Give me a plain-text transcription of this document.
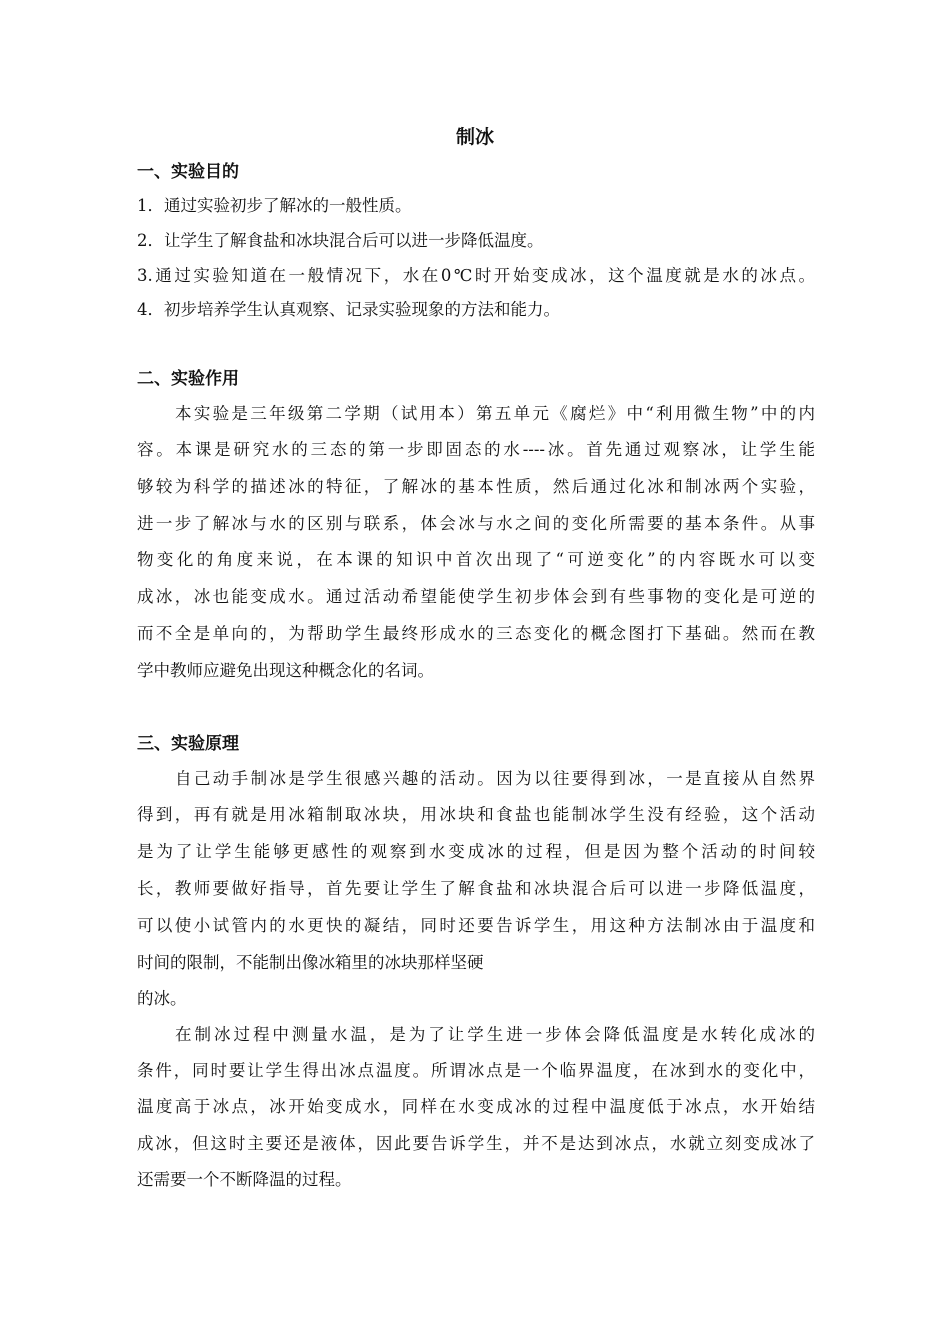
制冰
一、实验目的
1．通过实验初步了解冰的一般性质。
2．让学生了解食盐和冰块混合后可以进一步降低温度。
3.通过实验知道在一般情况下，水在0℃时开始变成冰，这个温度就是水的冰点。
4．初步培养学生认真观察、记录实验现象的方法和能力。
二、实验作用
本实验是三年级第二学期（试用本）第五单元《腐烂》中“利用微生物”中的内
容。本课是研究水的三态的第一步即固态的水----冰。首先通过观察冰，让学生能
够较为科学的描述冰的特征，了解冰的基本性质，然后通过化冰和制冰两个实验，
进一步了解冰与水的区别与联系，体会冰与水之间的变化所需要的基本条件。从事
物变化的角度来说，在本课的知识中首次出现了“可逆变化”的内容既水可以变
成冰，冰也能变成水。通过活动希望能使学生初步体会到有些事物的变化是可逆的
而不全是单向的，为帮助学生最终形成水的三态变化的概念图打下基础。然而在教
学中教师应避免出现这种概念化的名词。
三、实验原理
自己动手制冰是学生很感兴趣的活动。因为以往要得到冰，一是直接从自然界
得到，再有就是用冰箱制取冰块，用冰块和食盐也能制冰学生没有经验，这个活动
是为了让学生能够更感性的观察到水变成冰的过程，但是因为整个活动的时间较
长，教师要做好指导，首先要让学生了解食盐和冰块混合后可以进一步降低温度，
可以使小试管内的水更快的凝结，同时还要告诉学生，用这种方法制冰由于温度和
时间的限制，不能制出像冰箱里的冰块那样坚硬
的冰。
在制冰过程中测量水温，是为了让学生进一步体会降低温度是水转化成冰的
条件，同时要让学生得出冰点温度。所谓冰点是一个临界温度，在冰到水的变化中，
温度高于冰点，冰开始变成水，同样在水变成冰的过程中温度低于冰点，水开始结
成冰，但这时主要还是液体，因此要告诉学生，并不是达到冰点，水就立刻变成冰了
还需要一个不断降温的过程。
